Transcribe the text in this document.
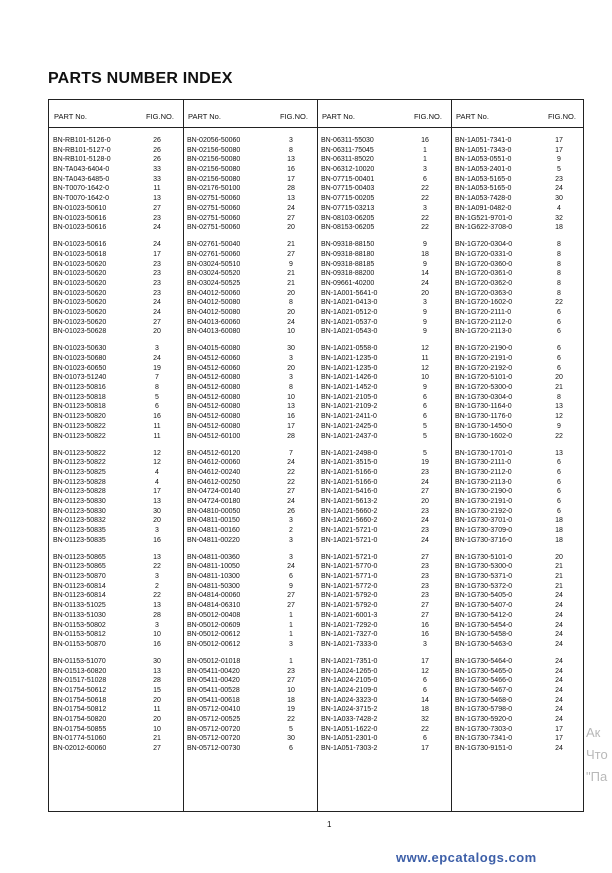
PARTS NUMBER INDEX
PART No.	FIG.NO. PART No.	FIG.NO. PART No.	FIG.NO. PART No.	FIG.NO.
BN-RB101-5126-0	26
BN-RB101-5127-0	26
BN-RB101-5128-0	26
BN-TA043-6404-0	33
BN-TA043-6485-0	33
BN-T0070-1642-0	11
BN-T0070-1642-0	13
BN-01023-50610	27
BN-01023-50616	23
BN-01023-50616	24
BN-01023-50616	24
BN-01023-50618	17
BN-01023-50620	23
BN-01023-50620	23
BN-01023-50620	23
BN-01023-50620	23
BN-01023-50620	24
BN-01023-50620	24
BN-01023-50620	27
BN-01023-50628	20
BN-01023-50630	3
BN-01023-50680	24
BN-01023-60650	19
BN-01073-51240	7
BN-01123-50816	8
BN-01123-50818	5
BN-01123-50818	6
BN-01123-50820	16
BN-01123-50822	11
BN-01123-50822	11
BN-01123-50822	12
BN-01123-50822	12
BN-01123-50825	4
BN-01123-50828	4
BN-01123-50828	17
BN-01123-50830	13
BN-01123-50830	30
BN-01123-50832	20
BN-01123-50835	3
BN-01123-50835	16
BN-01123-50865	13
BN-01123-50865	22
BN-01123-50870	3
BN-01123-60814	2
BN-01123-60814	22
BN-01133-51025	13
BN-01133-51030	28
BN-01153-50802	3
BN-01153-50812	10
BN-01153-50870	16
BN-01153-51070	30
BN-01513-60820	13
BN-01517-51028	28
BN-01754-50612	15
BN-01754-50618	20
BN-01754-50812	11
BN-01754-50820	20
BN-01754-50855	10
BN-01774-51060	21
BN-02012-60060	27
BN-02056-50060	3
BN-02156-50080	8
BN-02156-50080	13
BN-02156-50080	16
BN-02156-50080	17
BN-02176-50100	28
BN-02751-50060	13
BN-02751-50060	24
BN-02751-50060	27
BN-02751-50060	20
BN-02761-50040	21
BN-02761-50060	27
BN-03024-50510	9
BN-03024-50520	21
BN-03024-50525	21
BN-04012-50060	20
BN-04012-50080	8
BN-04012-50080	20
BN-04013-60060	24
BN-04013-60080	10
BN-04015-60080	30
BN-04512-60060	3
BN-04512-60060	20
BN-04512-60080	3
BN-04512-60080	8
BN-04512-60080	10
BN-04512-60080	13
BN-04512-60080	16
BN-04512-60080	17
BN-04512-60100	28
BN-04512-60120	7
BN-04612-00060	24
BN-04612-00240	22
BN-04612-00250	22
BN-04724-00140	27
BN-04724-00180	24
BN-04810-00050	26
BN-04811-00150	3
BN-04811-00160	2
BN-04811-00220	3
BN-04811-00360	3
BN-04811-10050	24
BN-04811-10300	6
BN-04811-50300	9
BN-04814-00060	27
BN-04814-06310	27
BN-05012-00408	1
BN-05012-00609	1
BN-05012-00612	1
BN-05012-00612	3
BN-05012-01018	1
BN-05411-00420	23
BN-05411-00420	27
BN-05411-00528	10
BN-05411-00618	18
BN-05712-00410	19
BN-05712-00525	22
BN-05712-00720	5
BN-05712-00720	30
BN-05712-00730	6
BN-06311-55030	16
BN-06311-75045	1
BN-06311-85020	1
BN-06312-10020	3
BN-07715-00401	6
BN-07715-00403	22
BN-07715-00205	22
BN-07715-03213	3
BN-08103-06205	22
BN-08153-06205	22
BN-09318-88150	9
BN-09318-88180	18
BN-09318-88185	9
BN-09318-88200	14
BN-09661-40200	24
BN-1A001-5641-0	20
BN-1A021-0413-0	3
BN-1A021-0512-0	9
BN-1A021-0537-0	9
BN-1A021-0543-0	9
BN-1A021-0558-0	12
BN-1A021-1235-0	11
BN-1A021-1235-0	12
BN-1A021-1426-0	10
BN-1A021-1452-0	9
BN-1A021-2105-0	6
BN-1A021-2109-2	6
BN-1A021-2411-0	6
BN-1A021-2425-0	5
BN-1A021-2437-0	5
BN-1A021-2498-0	5
BN-1A021-3515-0	19
BN-1A021-5166-0	23
BN-1A021-5166-0	24
BN-1A021-5416-0	27
BN-1A021-5613-2	20
BN-1A021-5660-2	23
BN-1A021-5660-2	24
BN-1A021-5721-0	23
BN-1A021-5721-0	24
BN-1A021-5721-0	27
BN-1A021-5770-0	23
BN-1A021-5771-0	23
BN-1A021-5772-0	23
BN-1A021-5792-0	23
BN-1A021-5792-0	27
BN-1A021-6001-3	27
BN-1A021-7292-0	16
BN-1A021-7327-0	16
BN-1A021-7333-0	3
BN-1A021-7351-0	17
BN-1A024-1265-0	12
BN-1A024-2105-0	6
BN-1A024-2109-0	6
BN-1A024-3323-0	14
BN-1A024-3715-2	18
BN-1A033-7428-2	32
BN-1A051-1622-0	22
BN-1A051-2301-0	6
BN-1A051-7303-2	17
BN-1A051-7341-0	17
BN-1A051-7343-0	17
BN-1A053-0551-0	9
BN-1A053-2401-0	5
BN-1A053-5165-0	23
BN-1A053-5165-0	24
BN-1A053-7428-0	30
BN-1A091-0482-0	4
BN-1G521-9701-0	32
BN-1G622-3708-0	18
BN-1G720-0304-0	8
BN-1G720-0331-0	8
BN-1G720-0360-0	8
BN-1G720-0361-0	8
BN-1G720-0362-0	8
BN-1G720-0363-0	8
BN-1G720-1602-0	22
BN-1G720-2111-0	6
BN-1G720-2112-0	6
BN-1G720-2113-0	6
BN-1G720-2190-0	6
BN-1G720-2191-0	6
BN-1G720-2192-0	6
BN-1G720-5101-0	20
BN-1G720-5300-0	21
BN-1G730-0304-0	8
BN-1G730-1164-0	13
BN-1G730-1176-0	12
BN-1G730-1450-0	9
BN-1G730-1602-0	22
BN-1G730-1701-0	13
BN-1G730-2111-0	6
BN-1G730-2112-0	6
BN-1G730-2113-0	6
BN-1G730-2190-0	6
BN-1G730-2191-0	6
BN-1G730-2192-0	6
BN-1G730-3701-0	18
BN-1G730-3709-0	18
BN-1G730-3716-0	18
BN-1G730-5101-0	20
BN-1G730-5300-0	21
BN-1G730-5371-0	21
BN-1G730-5372-0	21
BN-1G730-5405-0	24
BN-1G730-5407-0	24
BN-1G730-5412-0	24
BN-1G730-5454-0	24
BN-1G730-5458-0	24
BN-1G730-5463-0	24
BN-1G730-5464-0	24
BN-1G730-5465-0	24
BN-1G730-5466-0	24
BN-1G730-5467-0	24
BN-1G730-5468-0	24
BN-1G730-5798-0	24
BN-1G730-5920-0	24
BN-1G730-7303-0	17
BN-1G730-7341-0	17
BN-1G730-9151-0	24
1
Ак
Что
"Па
www.epcatalogs.com
